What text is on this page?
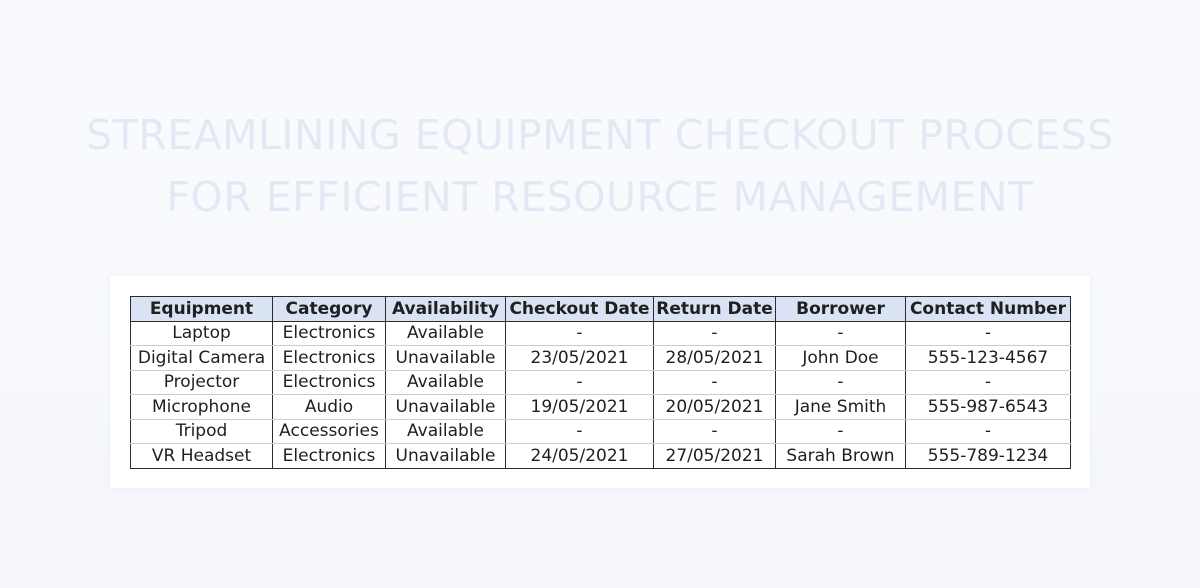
STREAMLINING EQUIPMENT CHECKOUT PROCESS
FOR EFFICIENT RESOURCE MANAGEMENT
Equipment	Category	Availability	Checkout Date	Return Date	Borrower	Contact Number
Laptop	Electronics	Available	-	-	-	-
Digital Camera	Electronics	Unavailable	23/05/2021	28/05/2021	John Doe	555-123-4567
Projector	Electronics	Available	-	-	-	-
Microphone	Audio	Unavailable	19/05/2021	20/05/2021	Jane Smith	555-987-6543
Tripod	Accessories	Available	-	-	-	-
VR Headset	Electronics	Unavailable	24/05/2021	27/05/2021	Sarah Brown	555-789-1234
